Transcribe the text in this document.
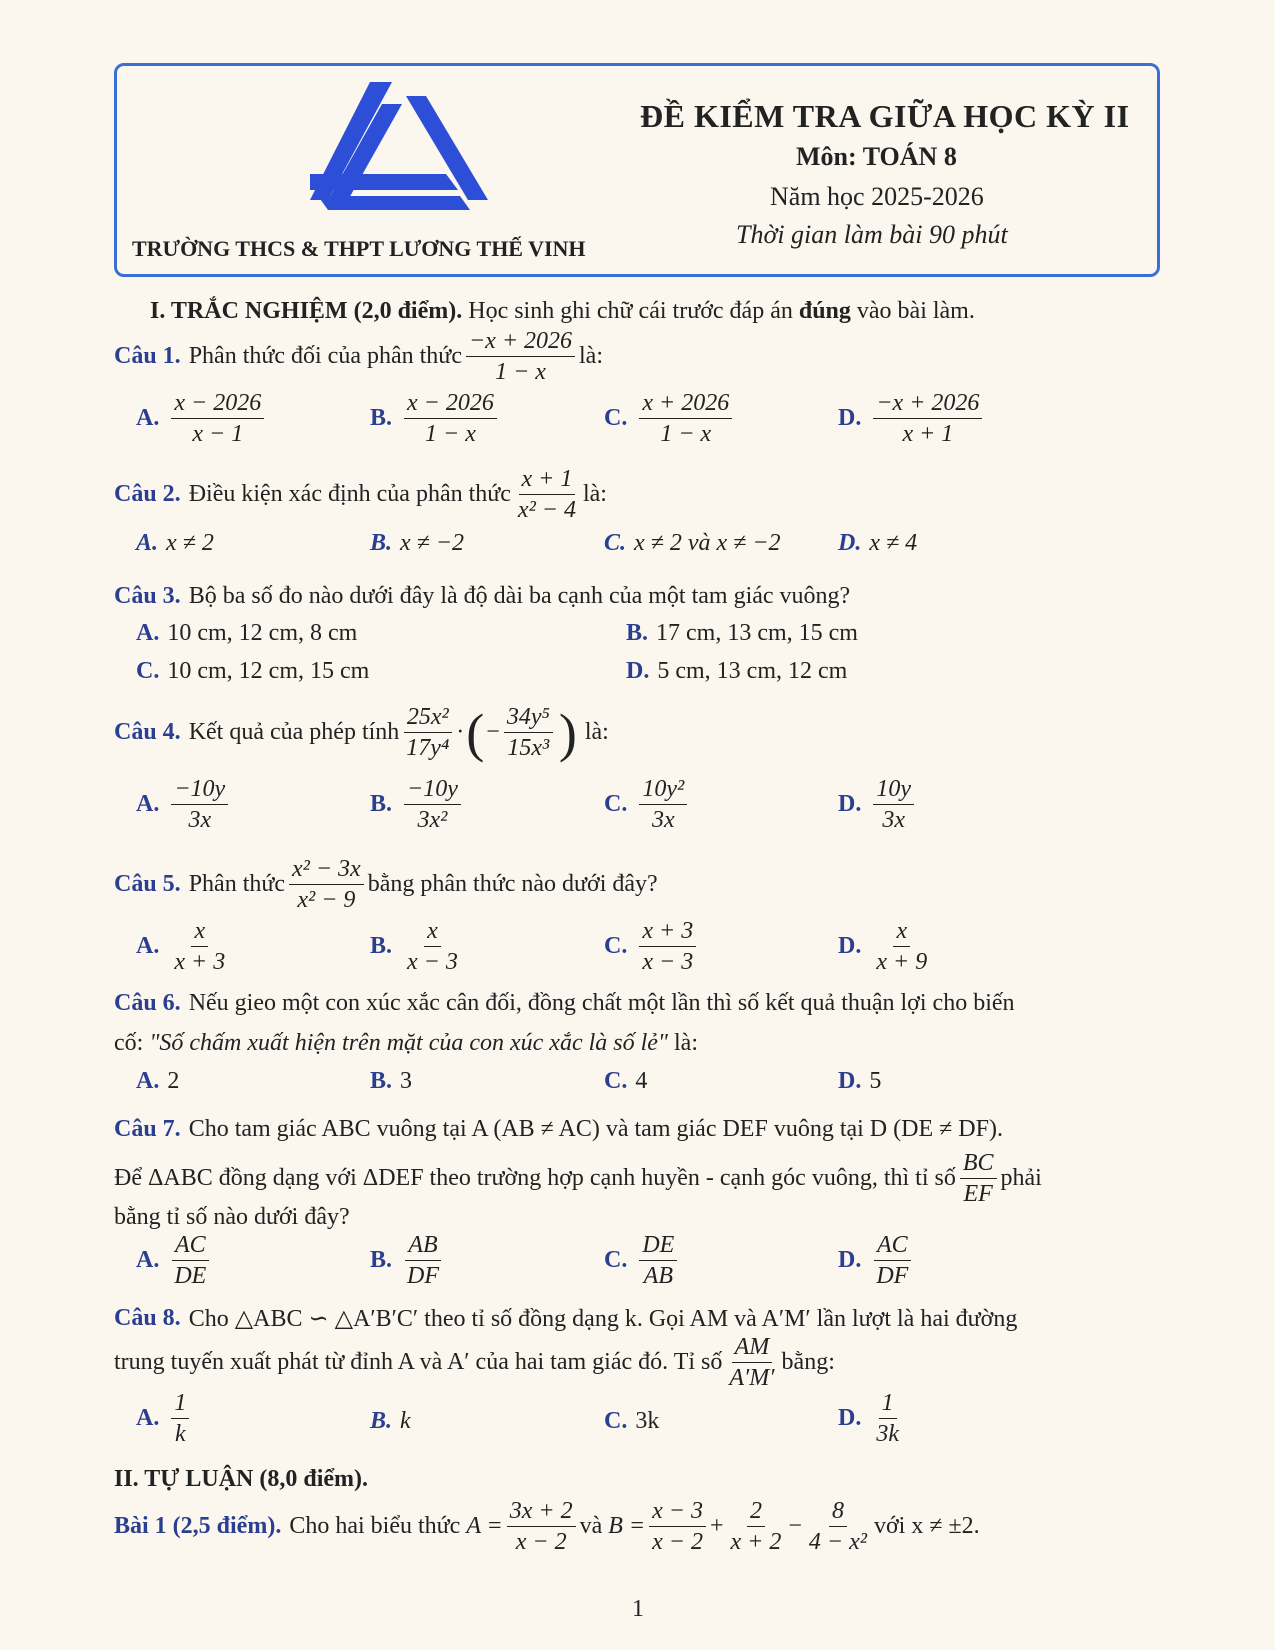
ĐỀ KIỂM TRA GIỮA HỌC KỲ II
Môn: TOÁN 8
Năm học 2025-2026
Thời gian làm bài 90 phút
TRƯỜNG THCS & THPT LƯƠNG THẾ VINH
I. TRẮC NGHIỆM (2,0 điểm).
Học sinh ghi chữ cái trước đáp án
đúng
vào bài làm.
Câu 1. Phân thức đối của phân thức
−x + 2026
1 − x
là:
A.
x − 2026
x − 1
B.
x − 2026
1 − x
C.
x + 2026
1 − x
D.
−x + 2026
x + 1
Câu 2. Điều kiện xác định của phân thức
x + 1
x² − 4
là:
A. x ≠ 2	B. x ≠ −2	C. x ≠ 2 và x ≠ −2 D. x ≠ 4
Câu 3. Bộ ba số đo nào dưới đây là độ dài ba cạnh của một tam giác vuông?
A. 10 cm, 12 cm, 8 cm	B. 17 cm, 13 cm, 15 cm
C. 10 cm, 12 cm, 15 cm	D. 5 cm, 13 cm, 12 cm
Câu 4. Kết quả của phép tính
25x²
17y⁴
· ( − $\frac{\text{34y⁵}}{\text{15x³}}$ ) là:
A.
−10y
3x
B.
−10y
3x²
C.
10y²
3x
D.
10y
3x
Câu 5. Phân thức
x² − 3x
x² − 9
bằng phân thức nào dưới đây?
A.
x
x + 3
B.
x
x − 3
C.
x + 3
x − 3
D.
x
x + 9
Câu 6. Nếu gieo một con xúc xắc cân đối, đồng chất một lần thì số kết quả thuận lợi cho biến
cố:
"Số chấm xuất hiện trên mặt của con xúc xắc là số lẻ"
là:
A. 2	B. 3	C. 4	D. 5
Câu 7. Cho tam giác ABC vuông tại A (AB ≠ AC) và tam giác DEF vuông tại D (DE ≠ DF).
Để ΔABC đồng dạng với ΔDEF theo trường hợp cạnh huyền - cạnh góc vuông, thì tỉ số
BC
EF
phải
bằng tỉ số nào dưới đây?
A.
AC
DE
B.
AB
DF
C.
DE
AB
D.
AC
DF
Câu 8. Cho △ABC ∽ △A′B′C′ theo tỉ số đồng dạng k. Gọi AM và A′M′ lần lượt là hai đường
trung tuyến xuất phát từ đỉnh A và A′ của hai tam giác đó. Tỉ số
AM
A′M′
bằng:
A.
1
k
B. k	C. 3k	D.
1
3k
II. TỰ LUẬN (8,0 điểm).
Bài 1 (2,5 điểm). Cho hai biểu thức
$A = \frac{3x + 2}{x - 2}$ và
$B = \frac{x - 3}{x - 2} + \frac{2}{x + 2} - \frac{8}{\text{4 − x²}}$ với x ≠ ±2.
1
